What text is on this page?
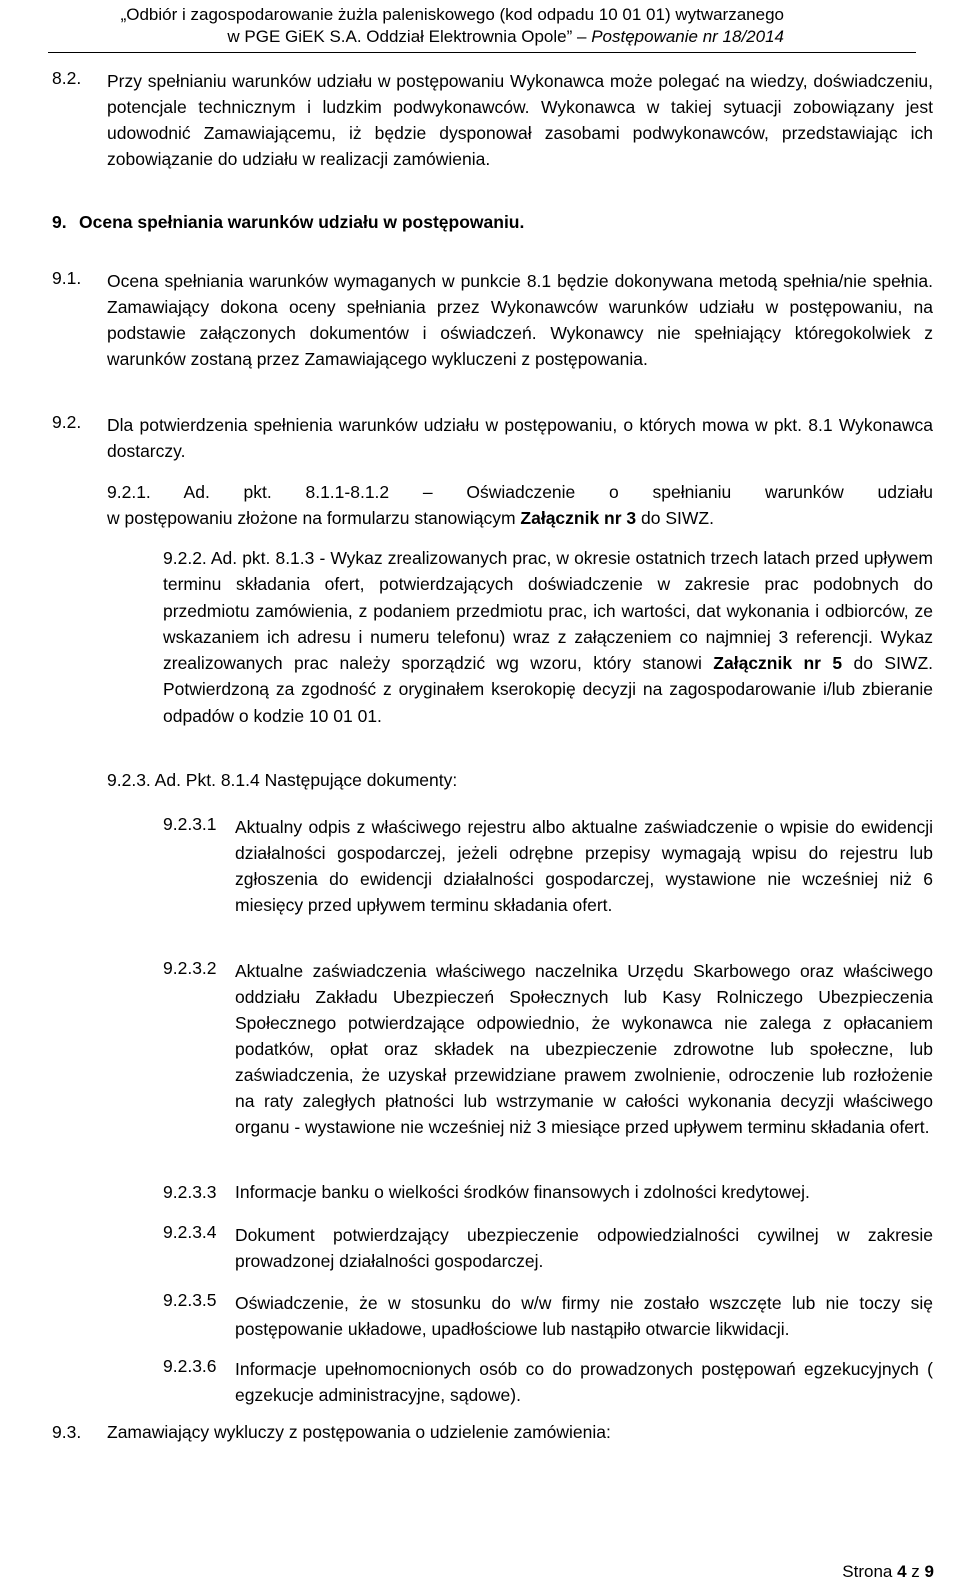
„Odbiór i zagospodarowanie żużla paleniskowego (kod odpadu 10 01 01) wytwarzanego
w PGE GiEK S.A. Oddział Elektrownia Opole” – Postępowanie nr 18/2014
8.2. Przy spełnianiu warunków udziału w postępowaniu Wykonawca może polegać na wiedzy, doświadczeniu, potencjale technicznym i ludzkim podwykonawców. Wykonawca w takiej sytuacji zobowiązany jest udowodnić Zamawiającemu, iż będzie dysponował zasobami podwykonawców, przedstawiając ich zobowiązanie do udziału w realizacji zamówienia.
9. Ocena spełniania warunków udziału w postępowaniu.
9.1. Ocena spełniania warunków wymaganych w punkcie 8.1 będzie dokonywana metodą spełnia/nie spełnia. Zamawiający dokona oceny spełniania przez Wykonawców warunków udziału w postępowaniu, na podstawie załączonych dokumentów i oświadczeń. Wykonawcy nie spełniający któregokolwiek z warunków zostaną przez Zamawiającego wykluczeni z postępowania.
9.2. Dla potwierdzenia spełnienia warunków udziału w postępowaniu, o których mowa w pkt. 8.1 Wykonawca dostarczy.
9.2.1. Ad. pkt. 8.1.1-8.1.2 – Oświadczenie o spełnianiu warunków udziału
w postępowaniu złożone na formularzu stanowiącym Załącznik nr 3 do SIWZ.
9.2.2. Ad. pkt. 8.1.3 - Wykaz zrealizowanych prac, w okresie ostatnich trzech latach przed upływem terminu składania ofert, potwierdzających doświadczenie w zakresie prac podobnych do przedmiotu zamówienia, z podaniem przedmiotu prac, ich wartości, dat wykonania i odbiorców, ze wskazaniem ich adresu i numeru telefonu) wraz z załączeniem co najmniej 3 referencji. Wykaz zrealizowanych prac należy sporządzić wg wzoru, który stanowi Załącznik nr 5 do SIWZ. Potwierdzoną za zgodność z oryginałem kserokopię decyzji na zagospodarowanie i/lub zbieranie odpadów o kodzie 10 01 01.
9.2.3. Ad. Pkt. 8.1.4 Następujące dokumenty:
9.2.3.1 Aktualny odpis z właściwego rejestru albo aktualne zaświadczenie o wpisie do ewidencji działalności gospodarczej, jeżeli odrębne przepisy wymagają wpisu do rejestru lub zgłoszenia do ewidencji działalności gospodarczej, wystawione nie wcześniej niż 6 miesięcy przed upływem terminu składania ofert.
9.2.3.2 Aktualne zaświadczenia właściwego naczelnika Urzędu Skarbowego oraz właściwego oddziału Zakładu Ubezpieczeń Społecznych lub Kasy Rolniczego Ubezpieczenia Społecznego potwierdzające odpowiednio, że wykonawca nie zalega z opłacaniem podatków, opłat oraz składek na ubezpieczenie zdrowotne lub społeczne, lub zaświadczenia, że uzyskał przewidziane prawem zwolnienie, odroczenie lub rozłożenie na raty zaległych płatności lub wstrzymanie w całości wykonania decyzji właściwego organu - wystawione nie wcześniej niż 3 miesiące przed upływem terminu składania ofert.
9.2.3.3 Informacje banku o wielkości środków finansowych i zdolności kredytowej.
9.2.3.4 Dokument potwierdzający ubezpieczenie odpowiedzialności cywilnej w zakresie prowadzonej działalności gospodarczej.
9.2.3.5 Oświadczenie, że w stosunku do w/w firmy nie zostało wszczęte lub nie toczy się postępowanie układowe, upadłościowe lub nastąpiło otwarcie likwidacji.
9.2.3.6 Informacje upełnomocnionych osób co do prowadzonych postępowań egzekucyjnych ( egzekucje administracyjne, sądowe).
9.3. Zamawiający wykluczy z postępowania o udzielenie zamówienia:
Strona 4 z 9
